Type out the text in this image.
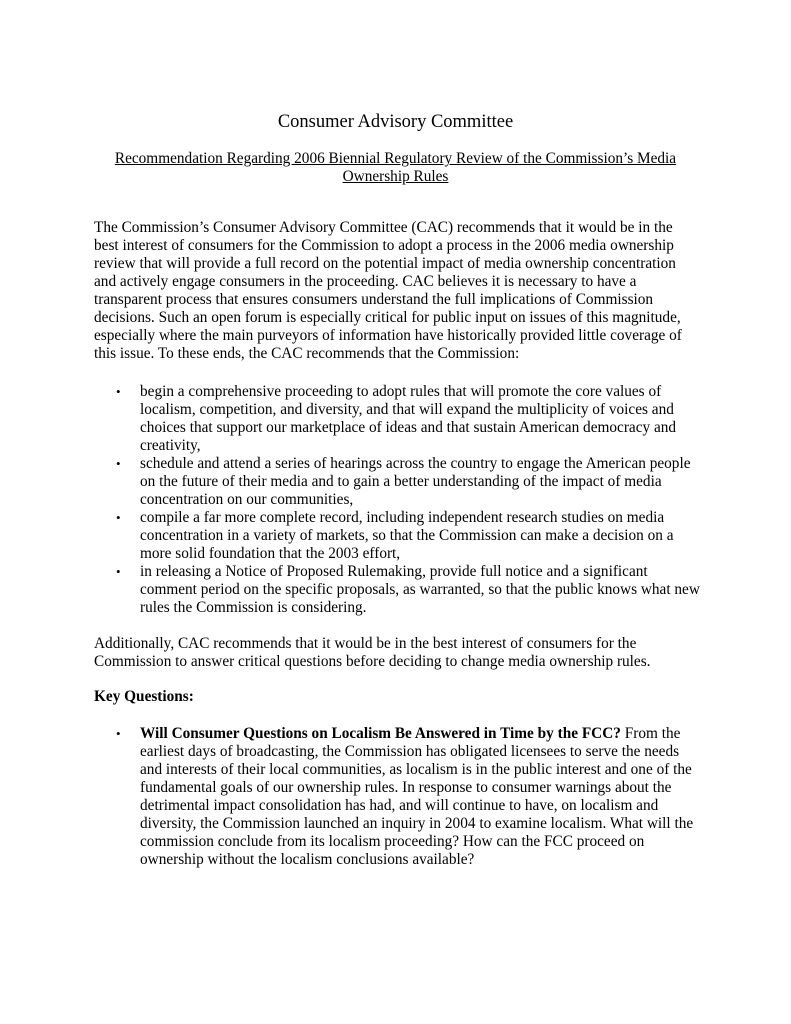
Consumer Advisory Committee
Recommendation Regarding 2006 Biennial Regulatory Review of the Commission’s Media Ownership Rules

The Commission’s Consumer Advisory Committee (CAC) recommends that it would be in the best interest of consumers for the Commission to adopt a process in the 2006 media ownership review that will provide a full record on the potential impact of media ownership concentration and actively engage consumers in the proceeding. CAC believes it is necessary to have a transparent process that ensures consumers understand the full implications of Commission decisions. Such an open forum is especially critical for public input on issues of this magnitude, especially where the main purveyors of information have historically provided little coverage of this issue. To these ends, the CAC recommends that the Commission:

• begin a comprehensive proceeding to adopt rules that will promote the core values of localism, competition, and diversity, and that will expand the multiplicity of voices and choices that support our marketplace of ideas and that sustain American democracy and creativity,
• schedule and attend a series of hearings across the country to engage the American people on the future of their media and to gain a better understanding of the impact of media concentration on our communities,
• compile a far more complete record, including independent research studies on media concentration in a variety of markets, so that the Commission can make a decision on a more solid foundation that the 2003 effort,
• in releasing a Notice of Proposed Rulemaking, provide full notice and a significant comment period on the specific proposals, as warranted, so that the public knows what new rules the Commission is considering.

Additionally, CAC recommends that it would be in the best interest of consumers for the Commission to answer critical questions before deciding to change media ownership rules.

Key Questions:
• Will Consumer Questions on Localism Be Answered in Time by the FCC? From the earliest days of broadcasting, the Commission has obligated licensees to serve the needs and interests of their local communities, as localism is in the public interest and one of the fundamental goals of our ownership rules. In response to consumer warnings about the detrimental impact consolidation has had, and will continue to have, on localism and diversity, the Commission launched an inquiry in 2004 to examine localism. What will the commission conclude from its localism proceeding? How can the FCC proceed on ownership without the localism conclusions available?
